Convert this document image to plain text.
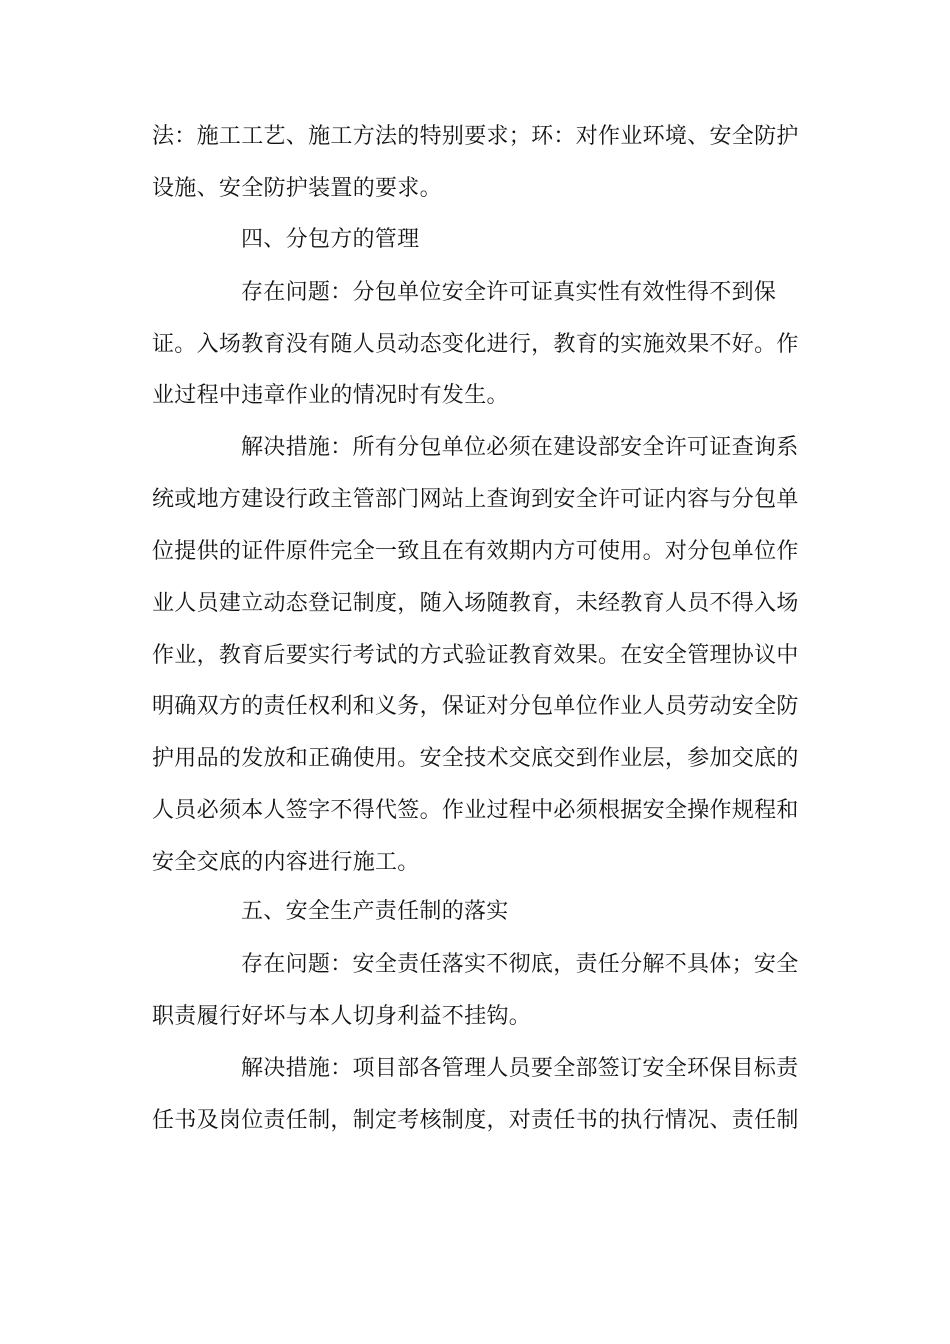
法：施工工艺、施工方法的特别要求；环：对作业环境、安全防护
设施、安全防护装置的要求。
四、分包方的管理
存在问题：分包单位安全许可证真实性有效性得不到保
证。入场教育没有随人员动态变化进行，教育的实施效果不好。作
业过程中违章作业的情况时有发生。
解决措施：所有分包单位必须在建设部安全许可证查询系
统或地方建设行政主管部门网站上查询到安全许可证内容与分包单
位提供的证件原件完全一致且在有效期内方可使用。对分包单位作
业人员建立动态登记制度，随入场随教育，未经教育人员不得入场
作业，教育后要实行考试的方式验证教育效果。在安全管理协议中
明确双方的责任权利和义务，保证对分包单位作业人员劳动安全防
护用品的发放和正确使用。安全技术交底交到作业层，参加交底的
人员必须本人签字不得代签。作业过程中必须根据安全操作规程和
安全交底的内容进行施工。
五、安全生产责任制的落实
存在问题：安全责任落实不彻底，责任分解不具体；安全
职责履行好坏与本人切身利益不挂钩。
解决措施：项目部各管理人员要全部签订安全环保目标责
任书及岗位责任制，制定考核制度，对责任书的执行情况、责任制
